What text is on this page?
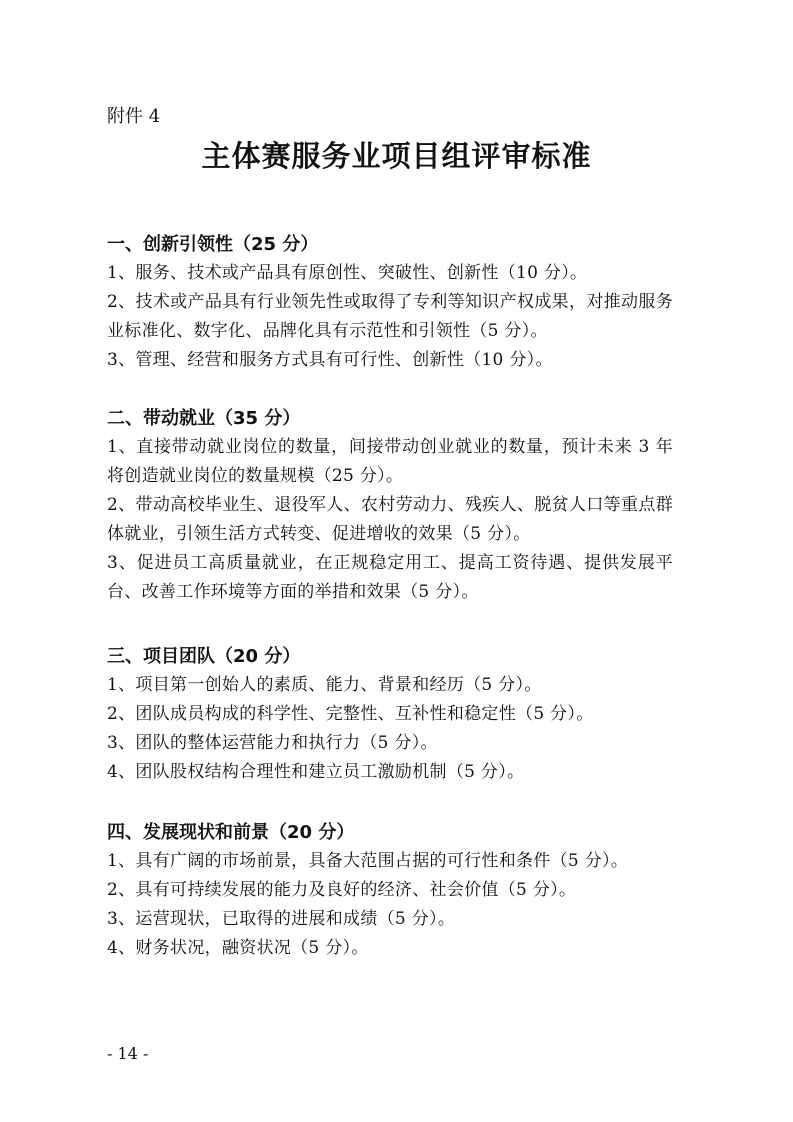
附件 4
主体赛服务业项目组评审标准
一、创新引领性（25 分）
1、服务、技术或产品具有原创性、突破性、创新性（10 分）。
2、技术或产品具有行业领先性或取得了专利等知识产权成果，对推动服务业标准化、数字化、品牌化具有示范性和引领性（5 分）。
3、管理、经营和服务方式具有可行性、创新性（10 分）。
二、带动就业（35 分）
1、直接带动就业岗位的数量，间接带动创业就业的数量，预计未来 3 年将创造就业岗位的数量规模（25 分）。
2、带动高校毕业生、退役军人、农村劳动力、残疾人、脱贫人口等重点群体就业，引领生活方式转变、促进增收的效果（5 分）。
3、促进员工高质量就业，在正规稳定用工、提高工资待遇、提供发展平台、改善工作环境等方面的举措和效果（5 分）。
三、项目团队（20 分）
1、项目第一创始人的素质、能力、背景和经历（5 分）。
2、团队成员构成的科学性、完整性、互补性和稳定性（5 分）。
3、团队的整体运营能力和执行力（5 分）。
4、团队股权结构合理性和建立员工激励机制（5 分）。
四、发展现状和前景（20 分）
1、具有广阔的市场前景，具备大范围占据的可行性和条件（5 分）。
2、具有可持续发展的能力及良好的经济、社会价值（5 分）。
3、运营现状，已取得的进展和成绩（5 分）。
4、财务状况，融资状况（5 分）。
- 14 -
